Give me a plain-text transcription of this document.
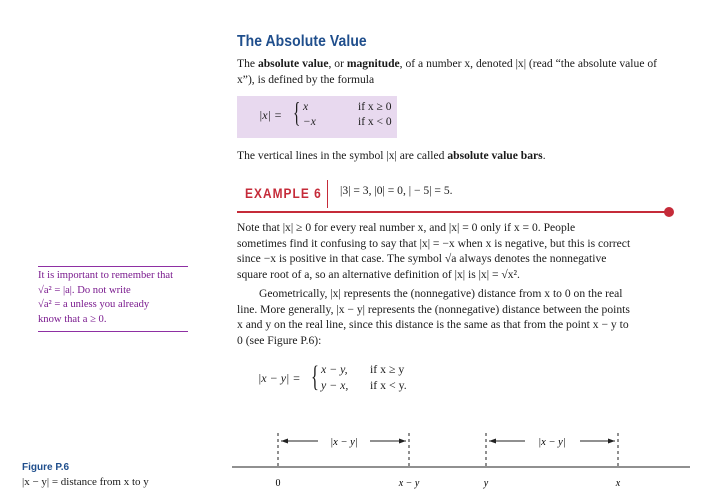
The Absolute Value
The absolute value, or magnitude, of a number x, denoted |x| (read “the absolute value of x”), is defined by the formula
|x| = { x	if x ≥ 0
−x	if x < 0
The vertical lines in the symbol |x| are called absolute value bars.
EXAMPLE 6 |3| = 3, |0| = 0, | − 5| = 5.
It is important to remember that
√a² = |a|. Do not write
√a² = a unless you already
know that a ≥ 0.
Note that |x| ≥ 0 for every real number x, and |x| = 0 only if x = 0. People
sometimes find it confusing to say that |x| = −x when x is negative, but this is correct
since −x is positive in that case. The symbol √a always denotes the nonnegative
square root of a, so an alternative definition of |x| is |x| = √x².
Geometrically, |x| represents the (nonnegative) distance from x to 0 on the real
line. More generally, |x − y| represents the (nonnegative) distance between the points
x and y on the real line, since this distance is the same as that from the point x − y to
0 (see Figure P.6):
|x − y| = { x − y, if x ≥ y
y − x, if x < y.
|x − y|	|x − y|
0	x − y	y	x
Figure P.6
|x − y| = distance from x to y
